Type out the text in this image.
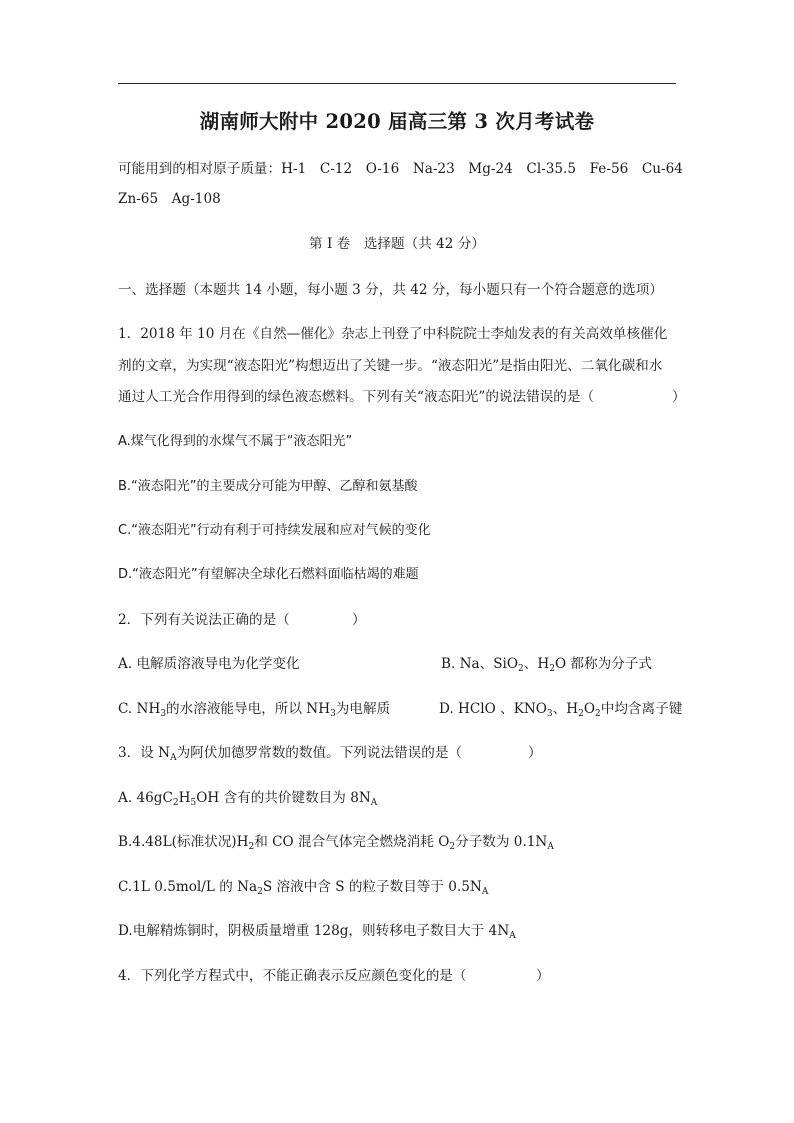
湖南师大附中 2020 届高三第 3 次月考试卷
可能用到的相对原子质量：H-1　C-12　O-16　Na-23　Mg-24　Cl-35.5　Fe-56　Cu-64
Zn-65　Ag-108
第 I 卷　选择题（共 42 分）
一、选择题（本题共 14 小题，每小题 3 分，共 42 分，每小题只有一个符合题意的选项）
1．2018 年 10 月在《自然—催化》杂志上刊登了中科院院士李灿发表的有关高效单核催化
剂的文章，为实现“液态阳光”构想迈出了关键一步。“液态阳光”是指由阳光、二氧化碳和水
通过人工光合作用得到的绿色液态燃料。下列有关“液态阳光”的说法错误的是（	）
A.煤气化得到的水煤气不属于“液态阳光”
B.“液态阳光”的主要成分可能为甲醇、乙醇和氨基酸
C.“液态阳光”行动有利于可持续发展和应对气候的变化
D.“液态阳光”有望解决全球化石燃料面临枯竭的难题
2．下列有关说法正确的是（	）
A. 电解质溶液导电为化学变化	B. Na、SiO$_2$、$H_2O$ 都称为分子式
C. $NH_3$的水溶液能导电，所以 $NH_3$为电解质	D. HClO 、$KNO_3$、$H_2O_2$中均含离子键
3．设 $N_A$为阿伏加德罗常数的数值。下列说法错误的是（	）
A. $46gC_2H_5OH$ 含有的共价键数目为 $8N_A$
B.4.48L(标准状况)$H_2$和 CO 混合气体完全燃烧消耗 $O_2$分子数为 $0.1N_A$
C.1L 0.5mol/L 的 $Na_2S$ 溶液中含 S 的粒子数目等于 $0.5N_A$
D.电解精炼铜时，阴极质量增重 128g，则转移电子数目大于 $4N_A$
4．下列化学方程式中，不能正确表示反应颜色变化的是（	）
